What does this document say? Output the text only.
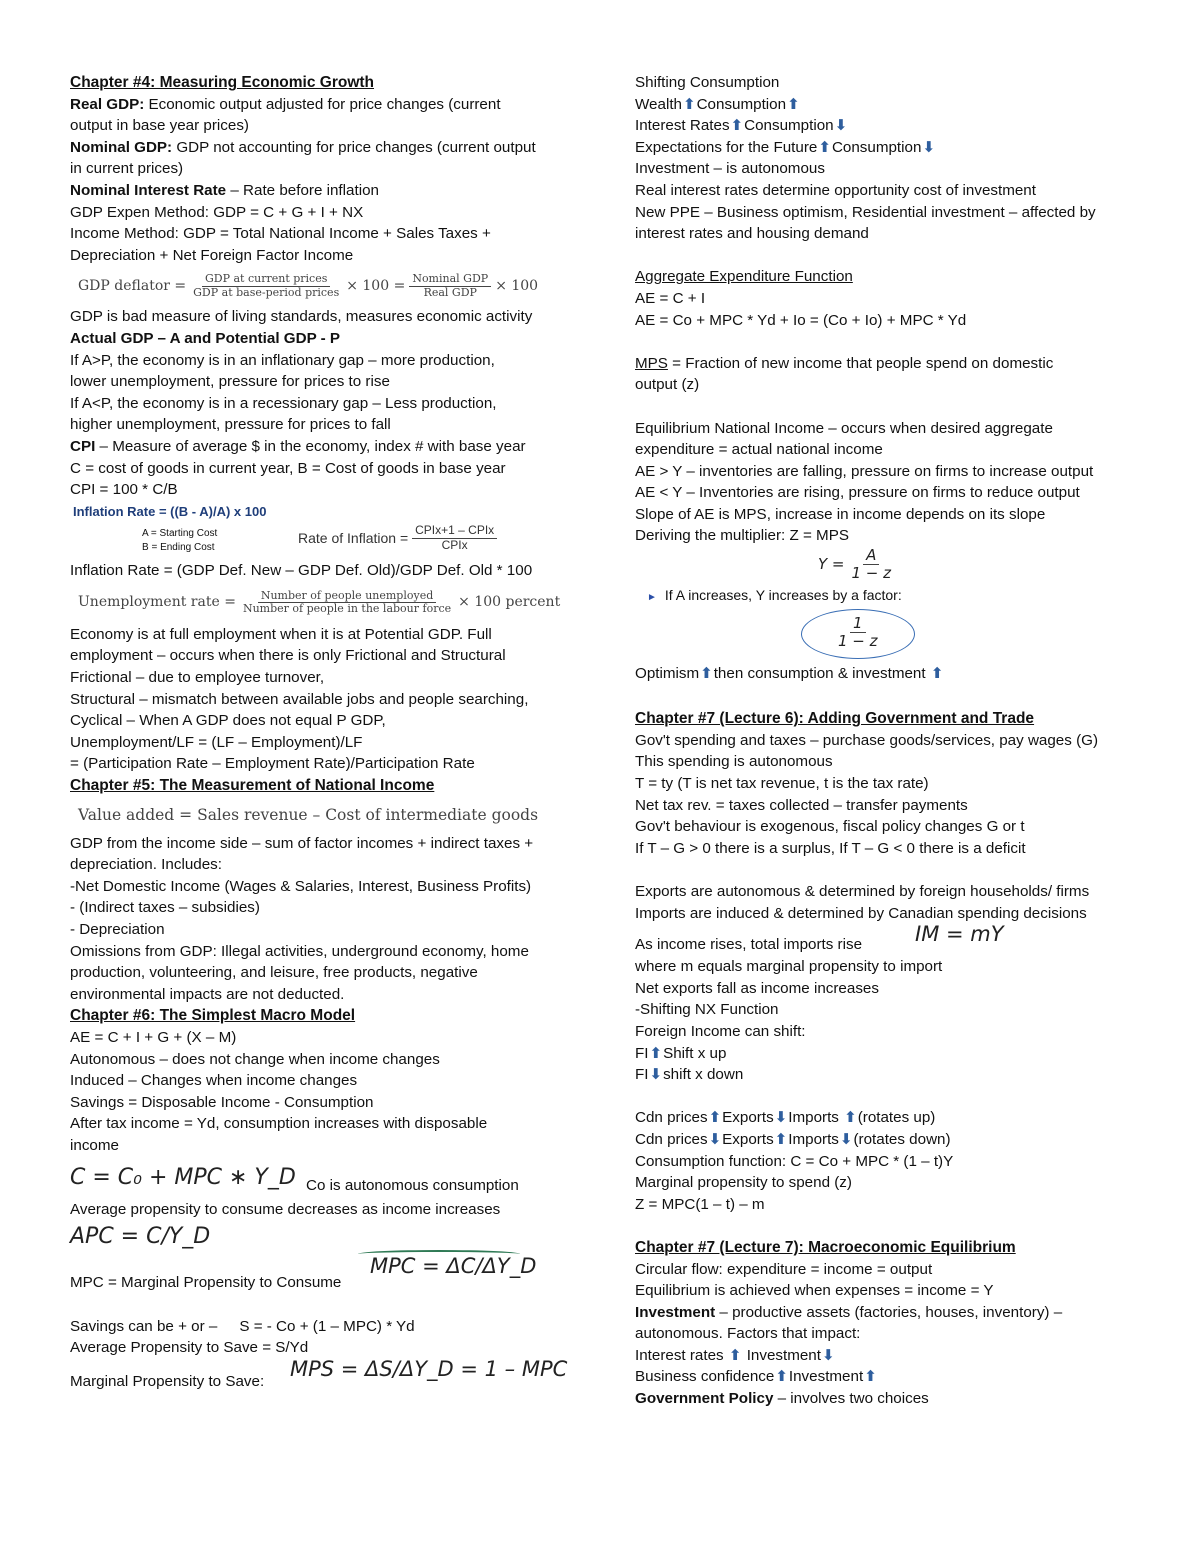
Chapter #4: Measuring Economic Growth
Real GDP: Economic output adjusted for price changes (current
output in base year prices)
Nominal GDP: GDP not accounting for price changes (current output
in current prices)
Nominal Interest Rate – Rate before inflation
GDP Expen Method: GDP = C + G + I + NX
Income Method: GDP = Total National Income + Sales Taxes +
Depreciation + Net Foreign Factor Income
GDP deflator = $\frac{\text{GDP at current prices}}{\text{GDP at base-period prices}} \times 100 = \frac{\text{Nominal GDP}}{\text{Real GDP}} \times 100$
GDP is bad measure of living standards, measures economic activity
Actual GDP – A and Potential GDP - P
If A>P, the economy is in an inflationary gap – more production,
lower unemployment, pressure for prices to rise
If A<P, the economy is in a recessionary gap – Less production,
higher unemployment, pressure for prices to fall
CPI – Measure of average $ in the economy, index # with base year
C = cost of goods in current year, B = Cost of goods in base year
CPI = 100 * C/B
Inflation Rate = ((B - A)/A) x 100
A = Starting Cost
B = Ending Cost
Rate of Inflation = $\frac{\text{CPIx+1 – CPIx}}{\text{CPIx}}$
Inflation Rate = (GDP Def. New – GDP Def. Old)/GDP Def. Old * 100
Unemployment rate = $\frac{\text{Number of people unemployed}}{\text{Number of people in the labour force}} \times 100$ percent
Economy is at full employment when it is at Potential GDP. Full
employment – occurs when there is only Frictional and Structural
Frictional – due to employee turnover,
Structural – mismatch between available jobs and people searching,
Cyclical – When A GDP does not equal P GDP,
Unemployment/LF = (LF – Employment)/LF
= (Participation Rate – Employment Rate)/Participation Rate
Chapter #5: The Measurement of National Income
Value added = Sales revenue – Cost of intermediate goods
GDP from the income side – sum of factor incomes + indirect taxes +
depreciation. Includes:
-Net Domestic Income (Wages & Salaries, Interest, Business Profits)
- (Indirect taxes – subsidies)
- Depreciation
Omissions from GDP: Illegal activities, underground economy, home
production, volunteering, and leisure, free products, negative
environmental impacts are not deducted.
Chapter #6: The Simplest Macro Model
AE = C + I + G + (X – M)
Autonomous – does not change when income changes
Induced – Changes when income changes
Savings = Disposable Income - Consumption
After tax income = Yd, consumption increases with disposable
income
C = C₀ + MPC ∗ Y_D Co is autonomous consumption
Average propensity to consume decreases as income increases
APC = C/Y_D
MPC = ΔC/ΔY_D
MPC = Marginal Propensity to Consume
Savings can be + or – S = - Co + (1 – MPC) * Yd
Average Propensity to Save = S/Yd
Marginal Propensity to Save:
MPS = ΔS/ΔY_D = 1 – MPC
Shifting Consumption
Wealth⬆Consumption⬆
Interest Rates⬆Consumption⬇
Expectations for the Future⬆Consumption⬇
Investment – is autonomous
Real interest rates determine opportunity cost of investment
New PPE – Business optimism, Residential investment – affected by
interest rates and housing demand
Aggregate Expenditure Function
AE = C + I
AE = Co + MPC * Yd + Io = (Co + Io) + MPC * Yd
MPS = Fraction of new income that people spend on domestic
output (z)
Equilibrium National Income – occurs when desired aggregate
expenditure = actual national income
AE > Y – inventories are falling, pressure on firms to increase output
AE < Y – Inventories are rising, pressure on firms to reduce output
Slope of AE is MPS, increase in income depends on its slope
Deriving the multiplier: Z = MPS
$Y = \frac{A}{1 - z}$
► If A increases, Y increases by a factor:
$\frac{1}{1 - z}$
Optimism⬆then consumption & investment ⬆
Chapter #7 (Lecture 6): Adding Government and Trade
Gov't spending and taxes – purchase goods/services, pay wages (G)
This spending is autonomous
T = ty (T is net tax revenue, t is the tax rate)
Net tax rev. = taxes collected – transfer payments
Gov't behaviour is exogenous, fiscal policy changes G or t
If T – G > 0 there is a surplus, If T – G < 0 there is a deficit
Exports are autonomous & determined by foreign households/ firms
Imports are induced & determined by Canadian spending decisions
As income rises, total imports rise	IM = mY
where m equals marginal propensity to import
Net exports fall as income increases
-Shifting NX Function
Foreign Income can shift:
FI⬆Shift x up
FI⬇shift x down
Cdn prices⬆Exports⬇Imports ⬆(rotates up)
Cdn prices⬇Exports⬆Imports⬇(rotates down)
Consumption function: C = Co + MPC * (1 – t)Y
Marginal propensity to spend (z)
Z = MPC(1 – t) – m
Chapter #7 (Lecture 7): Macroeconomic Equilibrium
Circular flow: expenditure = income = output
Equilibrium is achieved when expenses = income = Y
Investment – productive assets (factories, houses, inventory) –
autonomous. Factors that impact:
Interest rates ⬆ Investment⬇
Business confidence⬆Investment⬆
Government Policy – involves two choices
